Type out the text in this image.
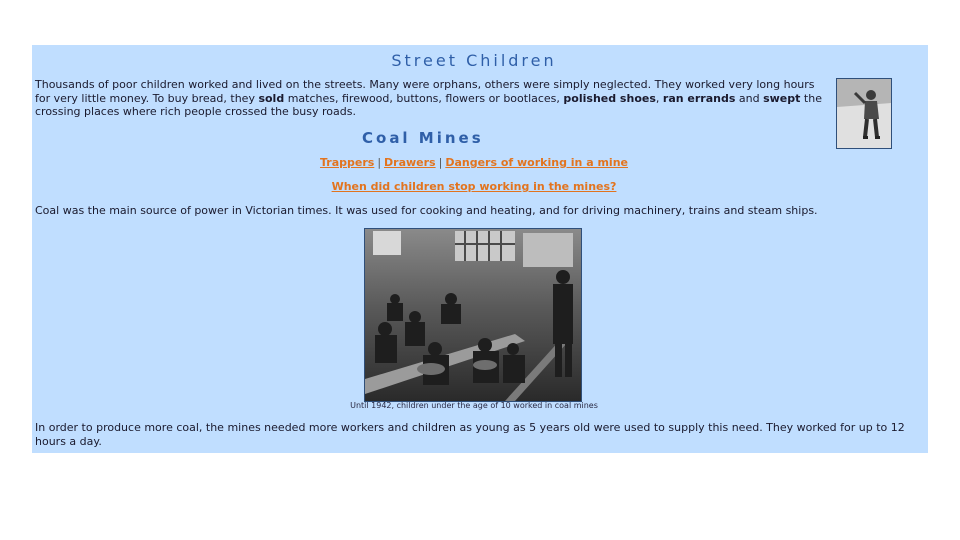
Street Children

Thousands of poor children worked and lived on the streets. Many were orphans, others were simply neglected. They worked very long hours for very little money. To buy bread, they sold matches, firewood, buttons, flowers or bootlaces, polished shoes, ran errands and swept the crossing places where rich people crossed the busy roads.

Coal Mines
Trappers | Drawers | Dangers of working in a mine
When did children stop working in the mines?

Coal was the main source of power in Victorian times. It was used for cooking and heating, and for driving machinery, trains and steam ships.

Until 1942, children under the age of 10 worked in coal mines

In order to produce more coal, the mines needed more workers and children as young as 5 years old were used to supply this need. They worked for up to 12 hours a day.
